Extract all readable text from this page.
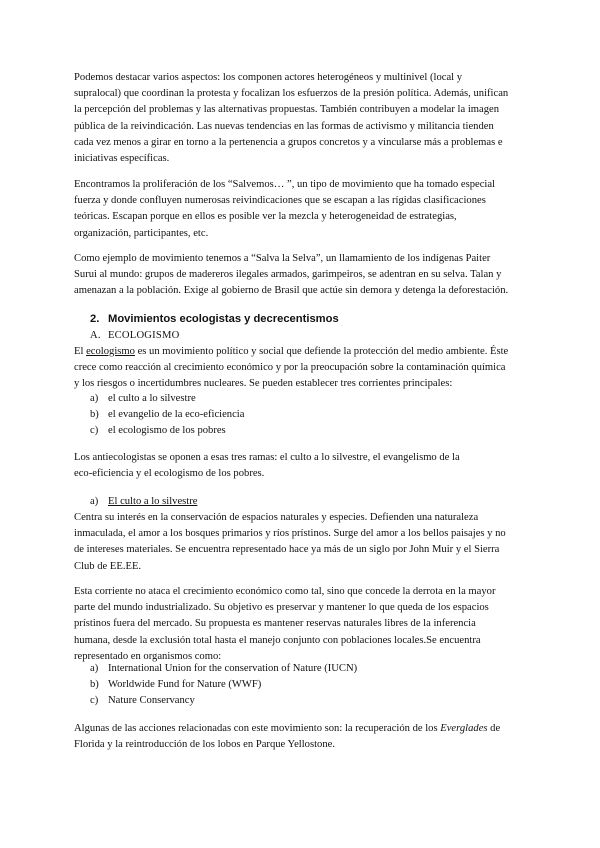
Podemos destacar varios aspectos: los componen actores heterogéneos y multinivel (local y
supralocal) que coordinan la protesta y focalizan los esfuerzos de la presión política. Además, unifican
la percepción del problemas y las alternativas propuestas. También contribuyen a modelar la imagen
pública de la reivindicación. Las nuevas tendencias en las formas de activismo y militancia tienden
cada vez menos a girar en torno a la pertenencia a grupos concretos y a vincularse más a problemas e
iniciativas específicas.

Encontramos la proliferación de los “Salvemos… ”, un tipo de movimiento que ha tomado especial
fuerza y donde confluyen numerosas reivindicaciones que se escapan a las rígidas clasificaciones
teóricas. Escapan porque en ellos es posible ver la mezcla y heterogeneidad de estrategias,
organización, participantes, etc.

Como ejemplo de movimiento tenemos a “Salva la Selva”, un llamamiento de los indígenas Paiter
Surui al mundo: grupos de madereros ilegales armados, garimpeiros, se adentran en su selva. Talan y
amenazan a la población. Exige al gobierno de Brasil que actúe sin demora y detenga la deforestación.

2. Movimientos ecologistas y decrecentismos
A. ECOLOGISMO

El ecologismo es un movimiento político y social que defiende la protección del medio ambiente. Éste
crece como reacción al crecimiento económico y por la preocupación sobre la contaminación química
y los riesgos o incertidumbres nucleares. Se pueden establecer tres corrientes principales:

a) el culto a lo silvestre
b) el evangelio de la eco-eficiencia
c) el ecologismo de los pobres

Los antiecologistas se oponen a esas tres ramas: el culto a lo silvestre, el evangelismo de la
eco-eficiencia y el ecologismo de los pobres.

a) El culto a lo silvestre

Centra su interés en la conservación de espacios naturales y especies. Defienden una naturaleza
inmaculada, el amor a los bosques primarios y ríos prístinos. Surge del amor a los bellos paisajes y no
de intereses materiales. Se encuentra representado hace ya más de un siglo por John Muir y el Sierra
Club de EE.EE.

Esta corriente no ataca el crecimiento económico como tal, sino que concede la derrota en la mayor
parte del mundo industrializado. Su objetivo es preservar y mantener lo que queda de los espacios
prístinos fuera del mercado. Su propuesta es mantener reservas naturales libres de la inferencia
humana, desde la exclusión total hasta el manejo conjunto con poblaciones locales.Se encuentra
representado en organismos como:

a) International Union for the conservation of Nature (IUCN)
b) Worldwide Fund for Nature (WWF)
c) Nature Conservancy

Algunas de las acciones relacionadas con este movimiento son: la recuperación de los Everglades de
Florida y la reintroducción de los lobos en Parque Yellostone.
